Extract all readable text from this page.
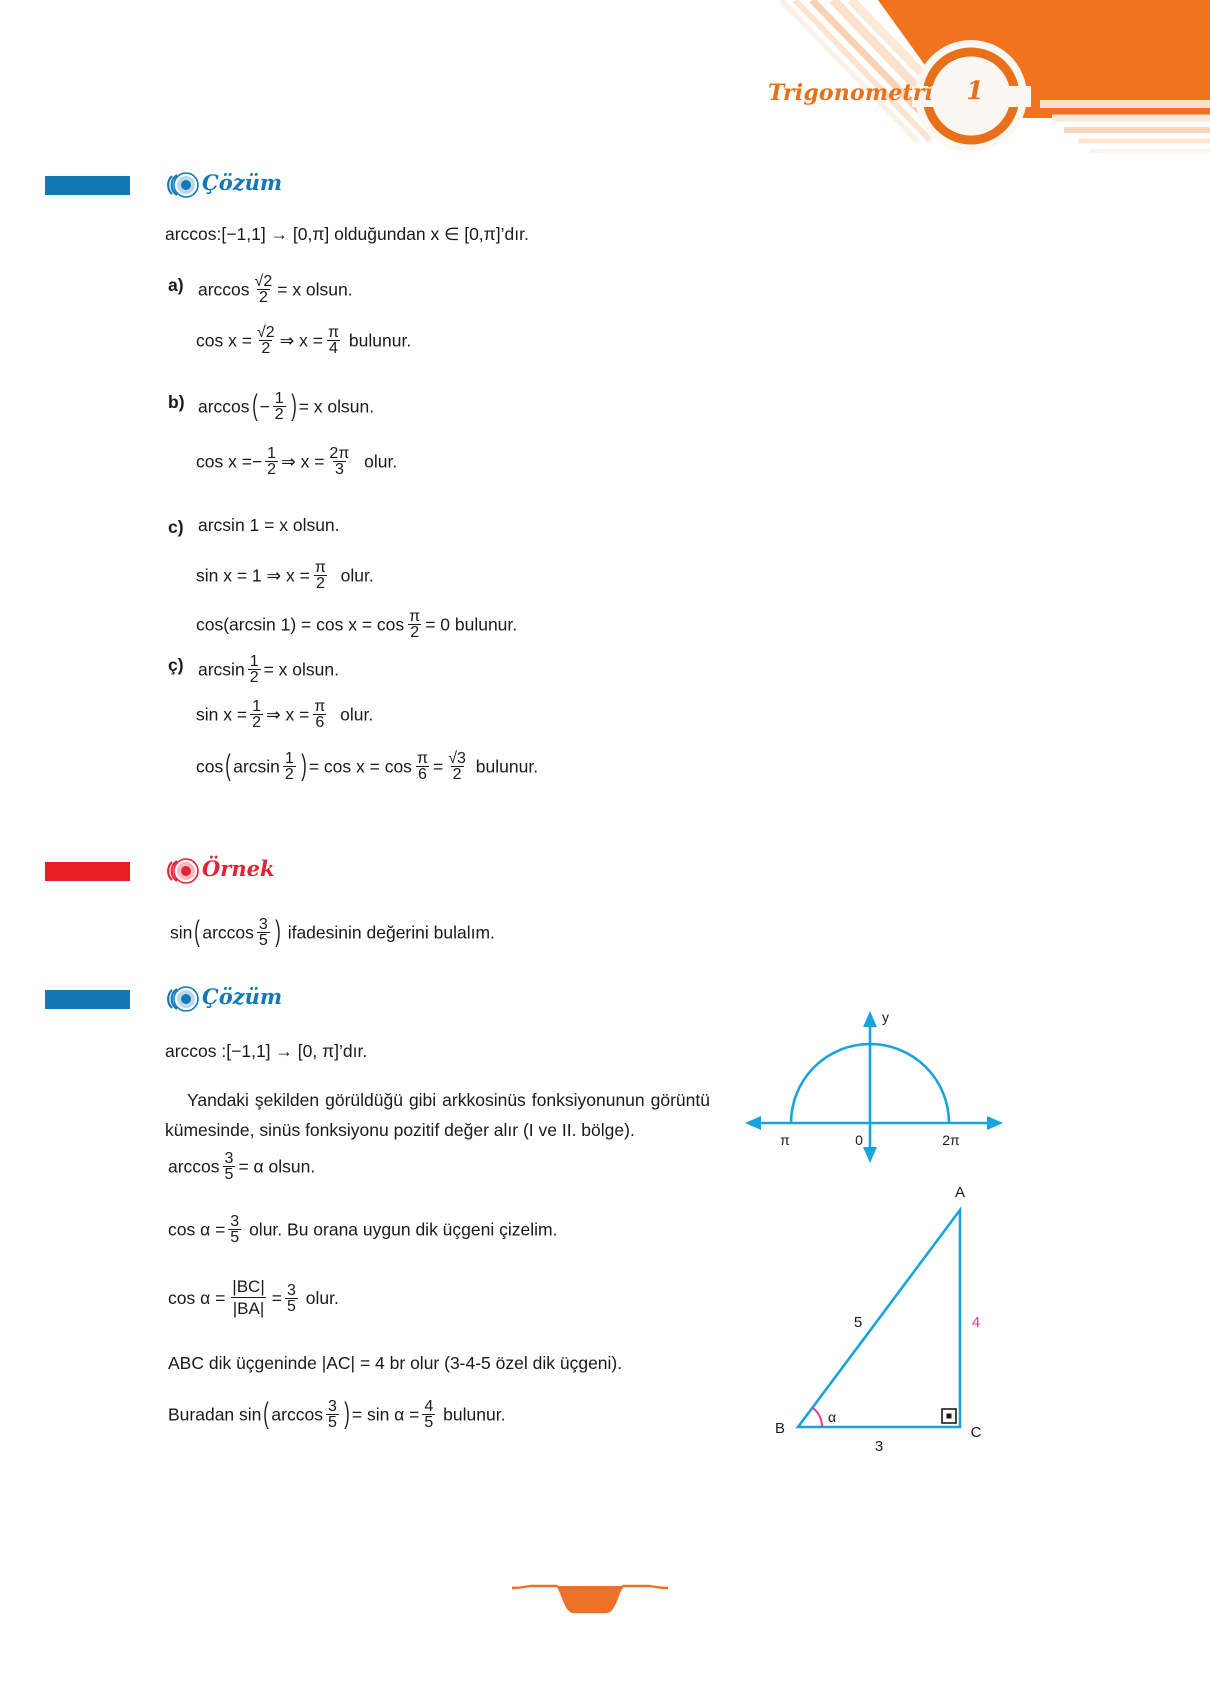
Trigonometri	1
Çözüm
arccos:[−1,1] → [0,π] olduğundan x ∈ [0,π]’dır.
a) $\arccos \frac{√2}{2} = x$ olsun.
$\cos x = \frac{√2}{2}$ ⇒ $x = \frac{\pi}{4}$ bulunur.
b) $\arccos( - \frac{1}{2}$ ) = x olsun.
$\cos x =- \frac{1}{2}$ ⇒ $x = \frac{2\pi}{3}$ olur.
c) arcsin 1 = x olsun.
sin x = 1 ⇒ $x = \frac{\pi}{2}$ olur.
cos(arcsin $1) = \cos x = \cos \frac{\pi}{2} = 0$ bulunur.
ç) $\arcsin \frac{1}{2} = x$ olsun.
$\sin x = \frac{1}{2}$ ⇒ $x = \frac{\pi}{6}$ olur.
cos( $\arcsin \frac{1}{2}$ ) = $\cos x = \cos \frac{\pi}{6} = \frac{√3}{2}$ bulunur.
Örnek
sin( $\arccos \frac{3}{5}$ ) ifadesinin değerini bulalım.
Çözüm
arccos :[−1,1] → [0, π]’dır.
Yandaki şekilden görüldüğü gibi arkkosinüs fonksiyonunun görüntü kümesinde, sinüs fonksiyonu pozitif değer alır (I ve II. bölge).
$\arccos \frac{3}{5} = \alpha$ olsun.
$\cos \alpha = \frac{3}{5}$ olur. Bu orana uygun dik üçgeni çizelim.
$\cos \alpha = \frac{|BC|}{|BA|} = \frac{3}{5}$ olur.
ABC dik üçgeninde |AC| = 4 br olur (3-4-5 özel dik üçgeni).
Buradan sin( $\arccos \frac{3}{5}$ ) = $\sin \alpha = \frac{4}{5}$ bulunur.
y
π	0	2π
α
A
B	C
5	4
3
73
